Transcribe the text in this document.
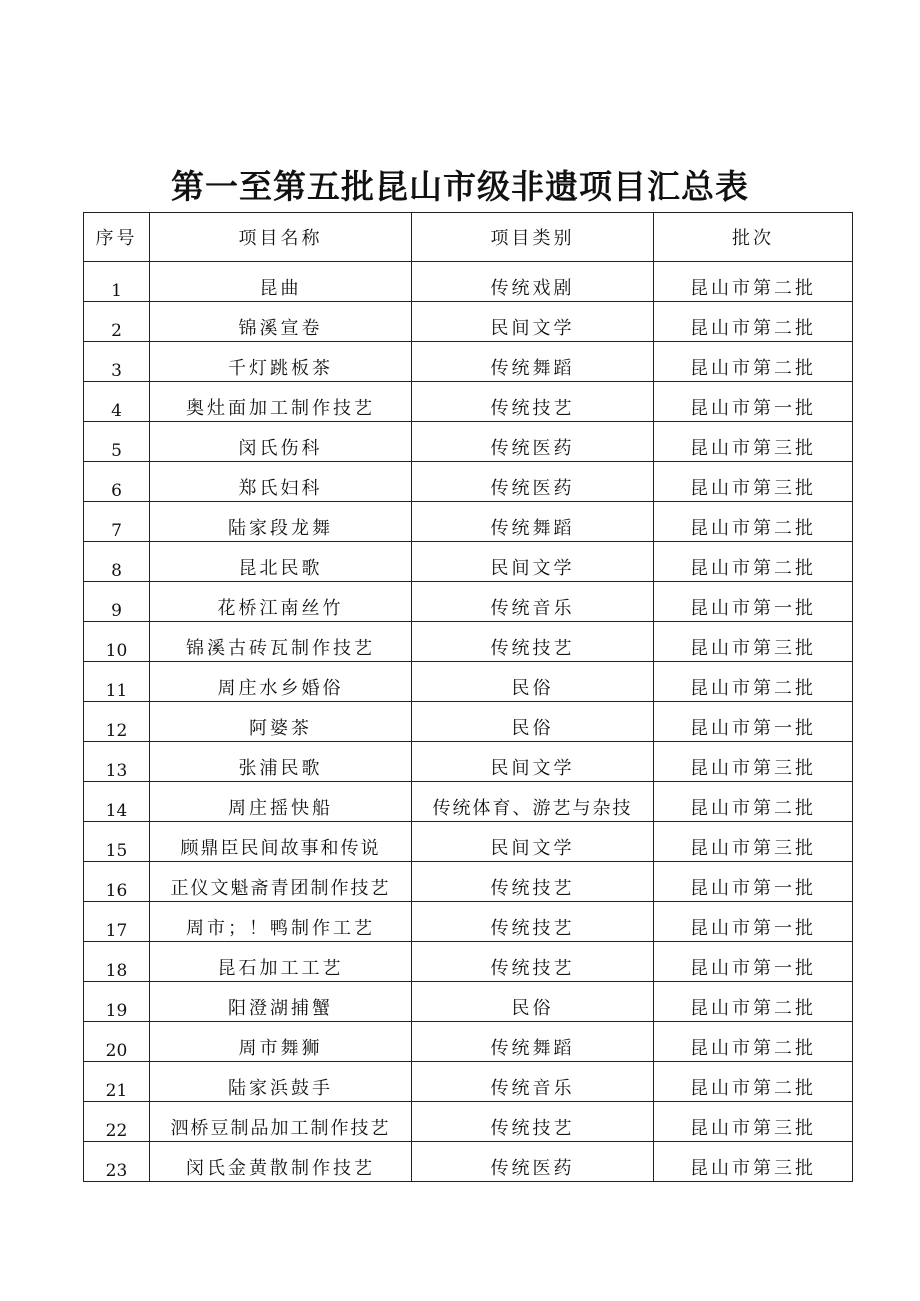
第一至第五批昆山市级非遗项目汇总表
序号	项目名称	项目类别	批次
1	昆曲	传统戏剧	昆山市第二批
2	锦溪宣卷	民间文学	昆山市第二批
3	千灯跳板茶	传统舞蹈	昆山市第二批
4	奥灶面加工制作技艺	传统技艺	昆山市第一批
5	闵氏伤科	传统医药	昆山市第三批
6	郑氏妇科	传统医药	昆山市第三批
7	陆家段龙舞	传统舞蹈	昆山市第二批
8	昆北民歌	民间文学	昆山市第二批
9	花桥江南丝竹	传统音乐	昆山市第一批
10	锦溪古砖瓦制作技艺	传统技艺	昆山市第三批
11	周庄水乡婚俗	民俗	昆山市第二批
12	阿婆茶	民俗	昆山市第一批
13	张浦民歌	民间文学	昆山市第三批
14	周庄摇快船	传统体育、游艺与杂技	昆山市第二批
15	顾鼎臣民间故事和传说	民间文学	昆山市第三批
16	正仪文魁斋青团制作技艺	传统技艺	昆山市第一批
17	周市；！鸭制作工艺	传统技艺	昆山市第一批
18	昆石加工工艺	传统技艺	昆山市第一批
19	阳澄湖捕蟹	民俗	昆山市第二批
20	周市舞狮	传统舞蹈	昆山市第二批
21	陆家浜鼓手	传统音乐	昆山市第二批
22	泗桥豆制品加工制作技艺	传统技艺	昆山市第三批
23	闵氏金黄散制作技艺	传统医药	昆山市第三批
